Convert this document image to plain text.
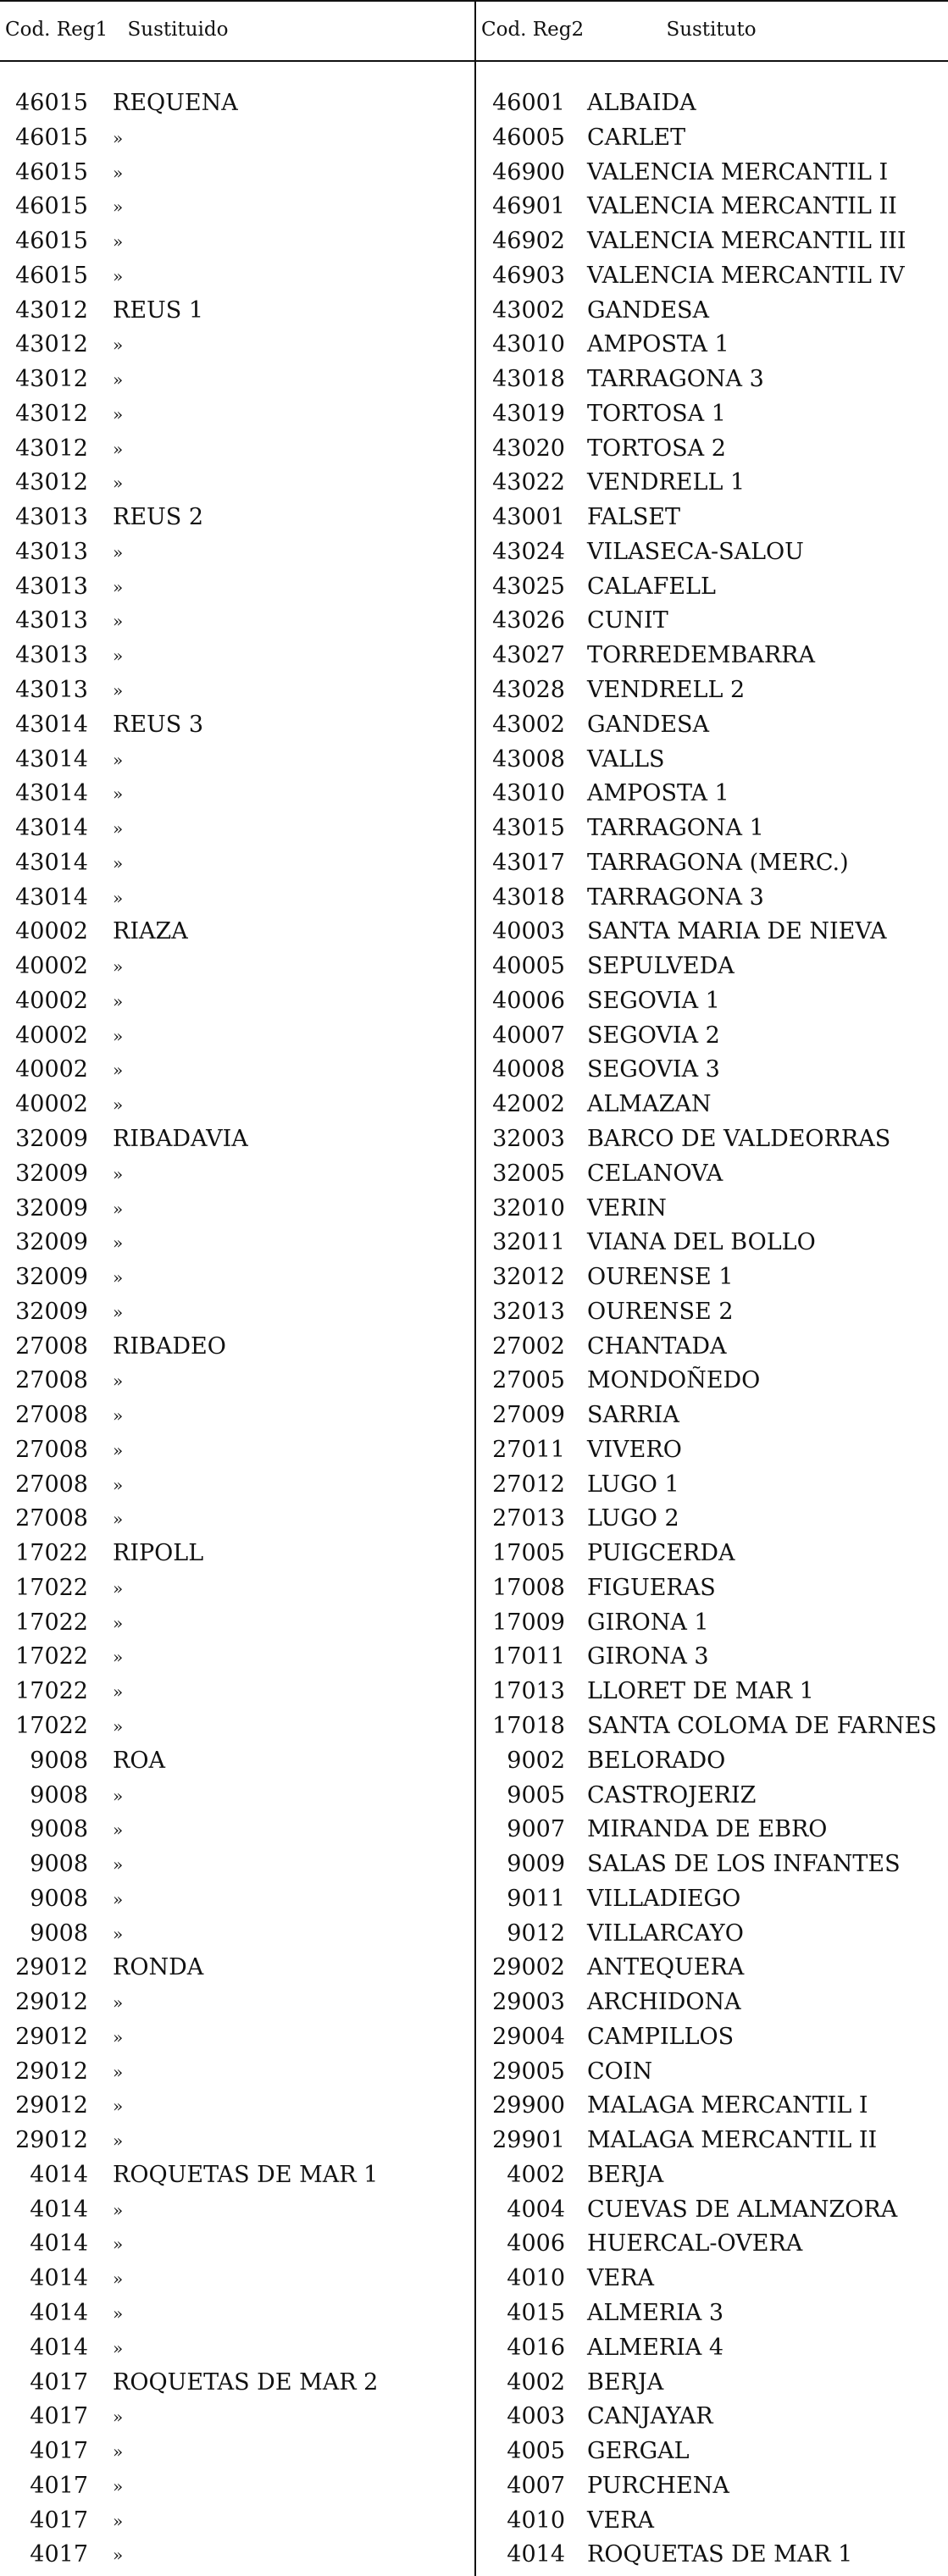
Cod. Reg1	Sustituido	Cod. Reg2	Sustituto
46015 REQUENA	46001 ALBAIDA
46015 »	46005 CARLET
46015 »	46900 VALENCIA MERCANTIL I
46015 »	46901 VALENCIA MERCANTIL II
46015 »	46902 VALENCIA MERCANTIL III
46015 »	46903 VALENCIA MERCANTIL IV
43012 REUS 1	43002 GANDESA
43012 »	43010 AMPOSTA 1
43012 »	43018 TARRAGONA 3
43012 »	43019 TORTOSA 1
43012 »	43020 TORTOSA 2
43012 »	43022 VENDRELL 1
43013 REUS 2	43001 FALSET
43013 »	43024 VILASECA-SALOU
43013 »	43025 CALAFELL
43013 »	43026 CUNIT
43013 »	43027 TORREDEMBARRA
43013 »	43028 VENDRELL 2
43014 REUS 3	43002 GANDESA
43014 »	43008 VALLS
43014 »	43010 AMPOSTA 1
43014 »	43015 TARRAGONA 1
43014 »	43017 TARRAGONA (MERC.)
43014 »	43018 TARRAGONA 3
40002 RIAZA	40003 SANTA MARIA DE NIEVA
40002 »	40005 SEPULVEDA
40002 »	40006 SEGOVIA 1
40002 »	40007 SEGOVIA 2
40002 »	40008 SEGOVIA 3
40002 »	42002 ALMAZAN
32009 RIBADAVIA	32003 BARCO DE VALDEORRAS
32009 »	32005 CELANOVA
32009 »	32010 VERIN
32009 »	32011 VIANA DEL BOLLO
32009 »	32012 OURENSE 1
32009 »	32013 OURENSE 2
27008 RIBADEO	27002 CHANTADA
27008 »	27005 MONDOÑEDO
27008 »	27009 SARRIA
27008 »	27011 VIVERO
27008 »	27012 LUGO 1
27008 »	27013 LUGO 2
17022 RIPOLL	17005 PUIGCERDA
17022 »	17008 FIGUERAS
17022 »	17009 GIRONA 1
17022 »	17011 GIRONA 3
17022 »	17013 LLORET DE MAR 1
17022 »	17018 SANTA COLOMA DE FARNES
9008 ROA	9002 BELORADO
9008 »	9005 CASTROJERIZ
9008 »	9007 MIRANDA DE EBRO
9008 »	9009 SALAS DE LOS INFANTES
9008 »	9011 VILLADIEGO
9008 »	9012 VILLARCAYO
29012 RONDA	29002 ANTEQUERA
29012 »	29003 ARCHIDONA
29012 »	29004 CAMPILLOS
29012 »	29005 COIN
29012 »	29900 MALAGA MERCANTIL I
29012 »	29901 MALAGA MERCANTIL II
4014 ROQUETAS DE MAR 1	4002 BERJA
4014 »	4004 CUEVAS DE ALMANZORA
4014 »	4006 HUERCAL-OVERA
4014 »	4010 VERA
4014 »	4015 ALMERIA 3
4014 »	4016 ALMERIA 4
4017 ROQUETAS DE MAR 2	4002 BERJA
4017 »	4003 CANJAYAR
4017 »	4005 GERGAL
4017 »	4007 PURCHENA
4017 »	4010 VERA
4017 »	4014 ROQUETAS DE MAR 1
